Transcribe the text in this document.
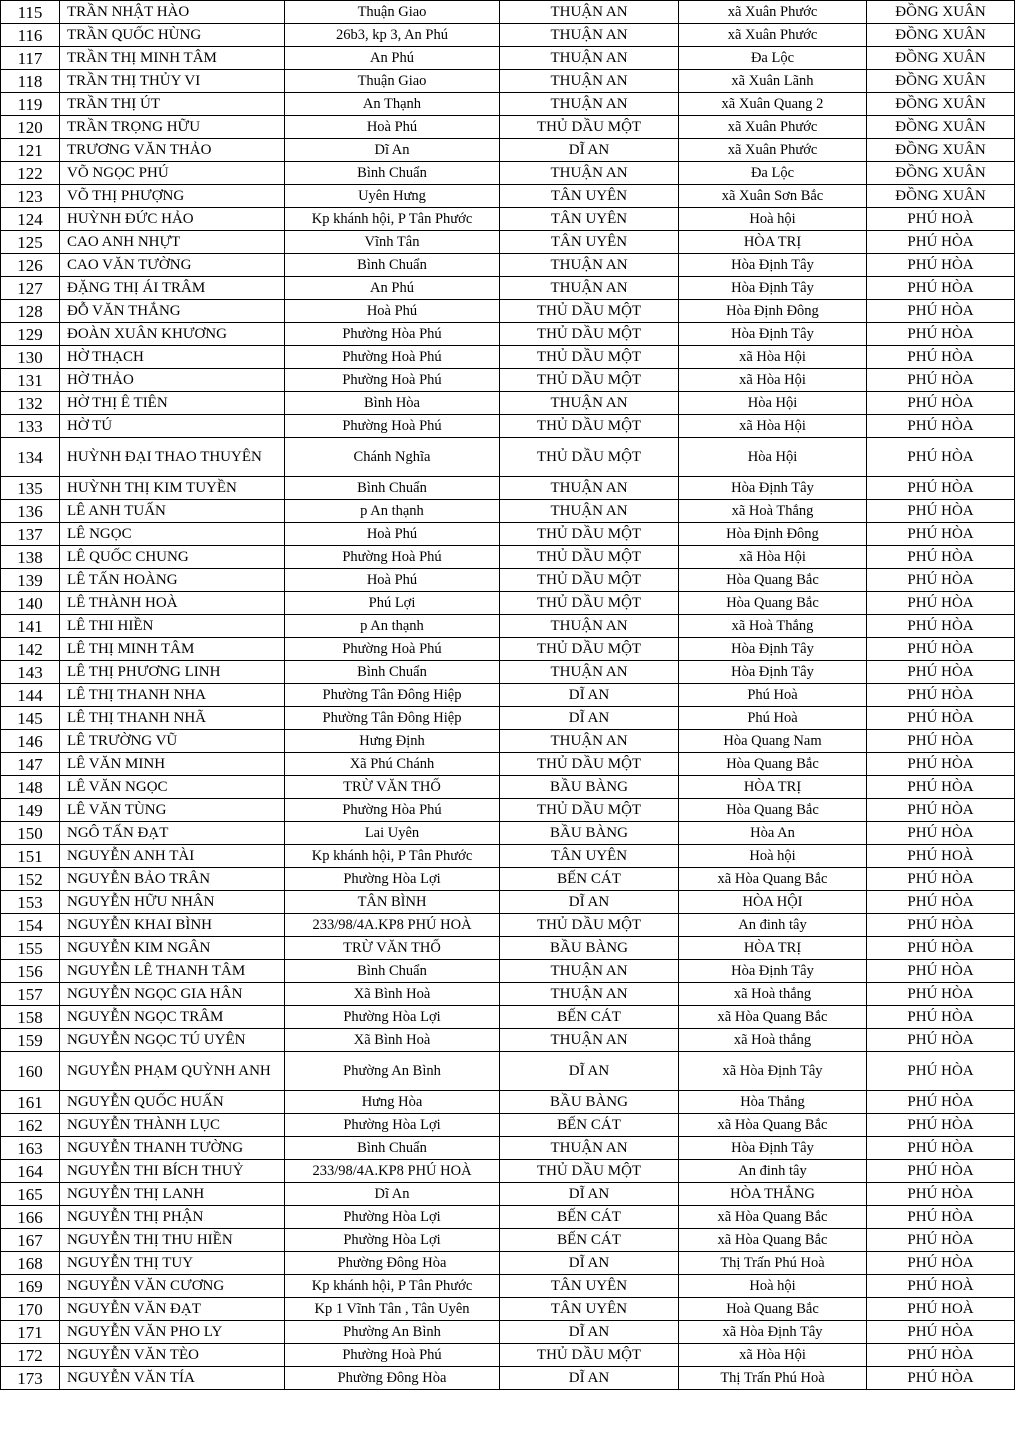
115	TRẦN NHẬT HÀO	Thuận Giao	THUẬN AN	xã Xuân Phước	ĐỒNG XUÂN
116	TRẦN QUỐC HÙNG	26b3, kp 3, An Phú	THUẬN AN	xã Xuân Phước	ĐỒNG XUÂN
117	TRẦN THỊ MINH TÂM	An Phú	THUẬN AN	Đa Lộc	ĐỒNG XUÂN
118	TRẦN THỊ THỦY VI	Thuận Giao	THUẬN AN	xã Xuân Lãnh	ĐỒNG XUÂN
119	TRẦN THỊ ÚT	An Thạnh	THUẬN AN	xã Xuân Quang 2	ĐỒNG XUÂN
120	TRẦN TRỌNG HỮU	Hoà Phú	THỦ DẦU MỘT	xã Xuân Phước	ĐỒNG XUÂN
121	TRƯƠNG VĂN THẢO	Dĩ An	DĨ AN	xã Xuân Phước	ĐỒNG XUÂN
122	VÕ NGỌC PHÚ	Bình Chuẩn	THUẬN AN	Đa Lộc	ĐỒNG XUÂN
123	VÕ THỊ PHƯỢNG	Uyên Hưng	TÂN UYÊN	xã Xuân Sơn Bắc	ĐỒNG XUÂN
124	HUỲNH ĐỨC HẢO	Kp khánh hội, P Tân Phước	TÂN UYÊN	Hoà hội	PHÚ HOÀ
125	CAO ANH NHỰT	Vĩnh Tân	TÂN UYÊN	HÒA TRỊ	PHÚ HÒA
126	CAO VĂN TƯỜNG	Bình Chuẩn	THUẬN AN	Hòa Định Tây	PHÚ HÒA
127	ĐẶNG THỊ ÁI TRÂM	An Phú	THUẬN AN	Hòa Định Tây	PHÚ HÒA
128	ĐỖ VĂN THẮNG	Hoà Phú	THỦ DẦU MỘT	Hòa Định Đông	PHÚ HÒA
129	ĐOÀN XUÂN KHƯƠNG	Phường Hòa Phú	THỦ DẦU MỘT	Hòa Định Tây	PHÚ HÒA
130	HỜ THẠCH	Phường Hoà Phú	THỦ DẦU MỘT	xã Hòa Hội	PHÚ HÒA
131	HỜ THẢO	Phường Hoà Phú	THỦ DẦU MỘT	xã Hòa Hội	PHÚ HÒA
132	HỜ THỊ Ê TIÊN	Bình Hòa	THUẬN AN	Hòa Hội	PHÚ HÒA
133	HỜ TÚ	Phường Hoà Phú	THỦ DẦU MỘT	xã Hòa Hội	PHÚ HÒA
134	HUỲNH ĐẠI THAO THUYÊN	Chánh Nghĩa	THỦ DẦU MỘT	Hòa Hội	PHÚ HÒA
135	HUỲNH THỊ KIM TUYỀN	Bình Chuẩn	THUẬN AN	Hòa Định Tây	PHÚ HÒA
136	LÊ ANH TUẤN	p An thạnh	THUẬN AN	xã Hoà Thắng	PHÚ HÒA
137	LÊ NGỌC	Hoà Phú	THỦ DẦU MỘT	Hòa Định Đông	PHÚ HÒA
138	LÊ QUỐC CHUNG	Phường Hoà Phú	THỦ DẦU MỘT	xã Hòa Hội	PHÚ HÒA
139	LÊ TẤN HOÀNG	Hoà Phú	THỦ DẦU MỘT	Hòa Quang Bắc	PHÚ HÒA
140	LÊ THÀNH HOÀ	Phú Lợi	THỦ DẦU MỘT	Hòa Quang Bắc	PHÚ HÒA
141	LÊ THI HIỀN	p An thạnh	THUẬN AN	xã Hoà Thắng	PHÚ HÒA
142	LÊ THỊ MINH TÂM	Phường Hoà Phú	THỦ DẦU MỘT	Hòa Định Tây	PHÚ HÒA
143	LÊ THỊ PHƯƠNG LINH	Bình Chuẩn	THUẬN AN	Hòa Định Tây	PHÚ HÒA
144	LÊ THỊ THANH NHA	Phường Tân Đông Hiệp	DĨ AN	Phú Hoà	PHÚ HÒA
145	LÊ THỊ THANH NHÃ	Phường Tân Đông Hiệp	DĨ AN	Phú Hoà	PHÚ HÒA
146	LÊ TRƯỜNG VŨ	Hưng Định	THUẬN AN	Hòa Quang Nam	PHÚ HÒA
147	LÊ VĂN MINH	Xã Phú Chánh	THỦ DẦU MỘT	Hòa Quang Bắc	PHÚ HÒA
148	LÊ VĂN NGỌC	TRỪ VĂN THỐ	BẦU BÀNG	HÒA TRỊ	PHÚ HÒA
149	LÊ VĂN TÙNG	Phường Hòa Phú	THỦ DẦU MỘT	Hòa Quang Bắc	PHÚ HÒA
150	NGÔ TẤN ĐẠT	Lai Uyên	BẦU BÀNG	Hòa An	PHÚ HÒA
151	NGUYỄN ANH TÀI	Kp khánh hội, P Tân Phước	TÂN UYÊN	Hoà hội	PHÚ HOÀ
152	NGUYỄN BẢO TRÂN	Phường Hòa Lợi	BẾN CÁT	xã Hòa Quang Bắc	PHÚ HÒA
153	NGUYỄN HỮU NHÂN	TÂN BÌNH	DĨ AN	HÒA HỘI	PHÚ HÒA
154	NGUYỄN KHAI BÌNH	233/98/4A.KP8 PHÚ HOÀ	THỦ DẦU MỘT	An đinh tây	PHÚ HÒA
155	NGUYỄN KIM NGÂN	TRỪ VĂN THỐ	BẦU BÀNG	HÒA TRỊ	PHÚ HÒA
156	NGUYỄN LÊ THANH TÂM	Bình Chuẩn	THUẬN AN	Hòa Định Tây	PHÚ HÒA
157	NGUYỄN NGỌC GIA HÂN	Xã Bình Hoà	THUẬN AN	xã Hoà thắng	PHÚ HÒA
158	NGUYỄN NGỌC TRÂM	Phường Hòa Lợi	BẾN CÁT	xã Hòa Quang Bắc	PHÚ HÒA
159	NGUYỄN NGỌC TÚ UYÊN	Xã Bình Hoà	THUẬN AN	xã Hoà thắng	PHÚ HÒA
160	NGUYỄN PHẠM QUỲNH ANH	Phường An Bình	DĨ AN	xã Hòa Định Tây	PHÚ HÒA
161	NGUYỄN QUỐC HUẤN	Hưng Hòa	BẦU BÀNG	Hòa Thắng	PHÚ HÒA
162	NGUYỄN THÀNH LỤC	Phường Hòa Lợi	BẾN CÁT	xã Hòa Quang Bắc	PHÚ HÒA
163	NGUYỄN THANH TƯỜNG	Bình Chuẩn	THUẬN AN	Hòa Định Tây	PHÚ HÒA
164	NGUYỄN THI BÍCH THUỶ	233/98/4A.KP8 PHÚ HOÀ	THỦ DẦU MỘT	An đinh tây	PHÚ HÒA
165	NGUYỄN THỊ LANH	Dĩ An	DĨ AN	HÒA THẮNG	PHÚ HÒA
166	NGUYỄN THỊ PHẬN	Phường Hòa Lợi	BẾN CÁT	xã Hòa Quang Bắc	PHÚ HÒA
167	NGUYỄN THỊ THU HIỀN	Phường Hòa Lợi	BẾN CÁT	xã Hòa Quang Bắc	PHÚ HÒA
168	NGUYỄN THỊ TUY	Phường Đông Hòa	DĨ AN	Thị Trấn Phú Hoà	PHÚ HÒA
169	NGUYỄN VĂN CƯƠNG	Kp khánh hội, P Tân Phước	TÂN UYÊN	Hoà hội	PHÚ HOÀ
170	NGUYỄN VĂN ĐẠT	Kp 1 Vĩnh Tân , Tân Uyên	TÂN UYÊN	Hoà Quang Bắc	PHÚ HOÀ
171	NGUYỄN VĂN PHO LY	Phường An Bình	DĨ AN	xã Hòa Định Tây	PHÚ HÒA
172	NGUYỄN VĂN TÈO	Phường Hoà Phú	THỦ DẦU MỘT	xã Hòa Hội	PHÚ HÒA
173	NGUYỄN VĂN TÍA	Phường Đông Hòa	DĨ AN	Thị Trấn Phú Hoà	PHÚ HÒA
